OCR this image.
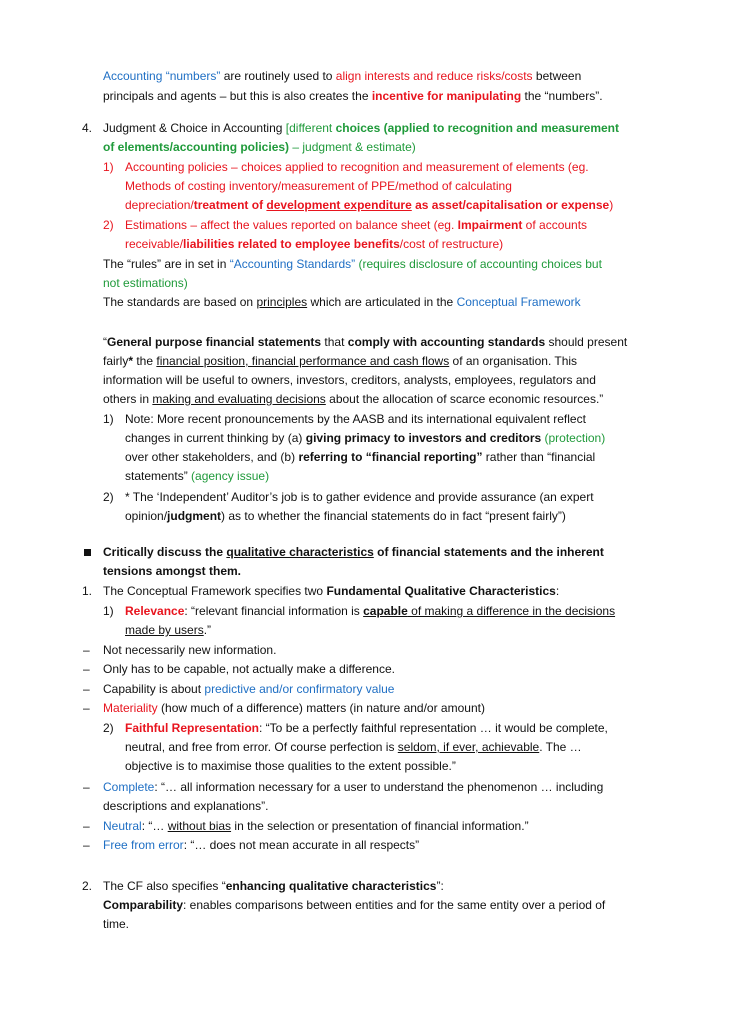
Accounting “numbers” are routinely used to align interests and reduce risks/costs between
principals and agents – but this is also creates the incentive for manipulating the “numbers”.
4. Judgment & Choice in Accounting [different choices (applied to recognition and measurement
of elements/accounting policies) – judgment & estimate)
1) Accounting policies – choices applied to recognition and measurement of elements (eg.
Methods of costing inventory/measurement of PPE/method of calculating
depreciation/treatment of development expenditure as asset/capitalisation or expense)
2) Estimations – affect the values reported on balance sheet (eg. Impairment of accounts
receivable/liabilities related to employee benefits/cost of restructure)
The “rules” are in set in “Accounting Standards” (requires disclosure of accounting choices but
not estimations)
The standards are based on principles which are articulated in the Conceptual Framework
“General purpose financial statements that comply with accounting standards should present
fairly* the financial position, financial performance and cash flows of an organisation. This
information will be useful to owners, investors, creditors, analysts, employees, regulators and
others in making and evaluating decisions about the allocation of scarce economic resources.”
1) Note: More recent pronouncements by the AASB and its international equivalent reflect
changes in current thinking by (a) giving primacy to investors and creditors (protection)
over other stakeholders, and (b) referring to “financial reporting” rather than “financial
statements” (agency issue)
2) * The ‘Independent’ Auditor’s job is to gather evidence and provide assurance (an expert
opinion/judgment) as to whether the financial statements do in fact “present fairly”)
Critically discuss the qualitative characteristics of financial statements and the inherent
tensions amongst them.
1. The Conceptual Framework specifies two Fundamental Qualitative Characteristics:
1) Relevance: “relevant financial information is capable of making a difference in the decisions
made by users.”
– Not necessarily new information.
– Only has to be capable, not actually make a difference.
– Capability is about predictive and/or confirmatory value
– Materiality (how much of a difference) matters (in nature and/or amount)
2) Faithful Representation: “To be a perfectly faithful representation … it would be complete,
neutral, and free from error. Of course perfection is seldom, if ever, achievable. The …
objective is to maximise those qualities to the extent possible.”
– Complete: “… all information necessary for a user to understand the phenomenon … including
descriptions and explanations”.
– Neutral: “… without bias in the selection or presentation of financial information.”
– Free from error: “… does not mean accurate in all respects”
2. The CF also specifies “enhancing qualitative characteristics”:
Comparability: enables comparisons between entities and for the same entity over a period of
time.
